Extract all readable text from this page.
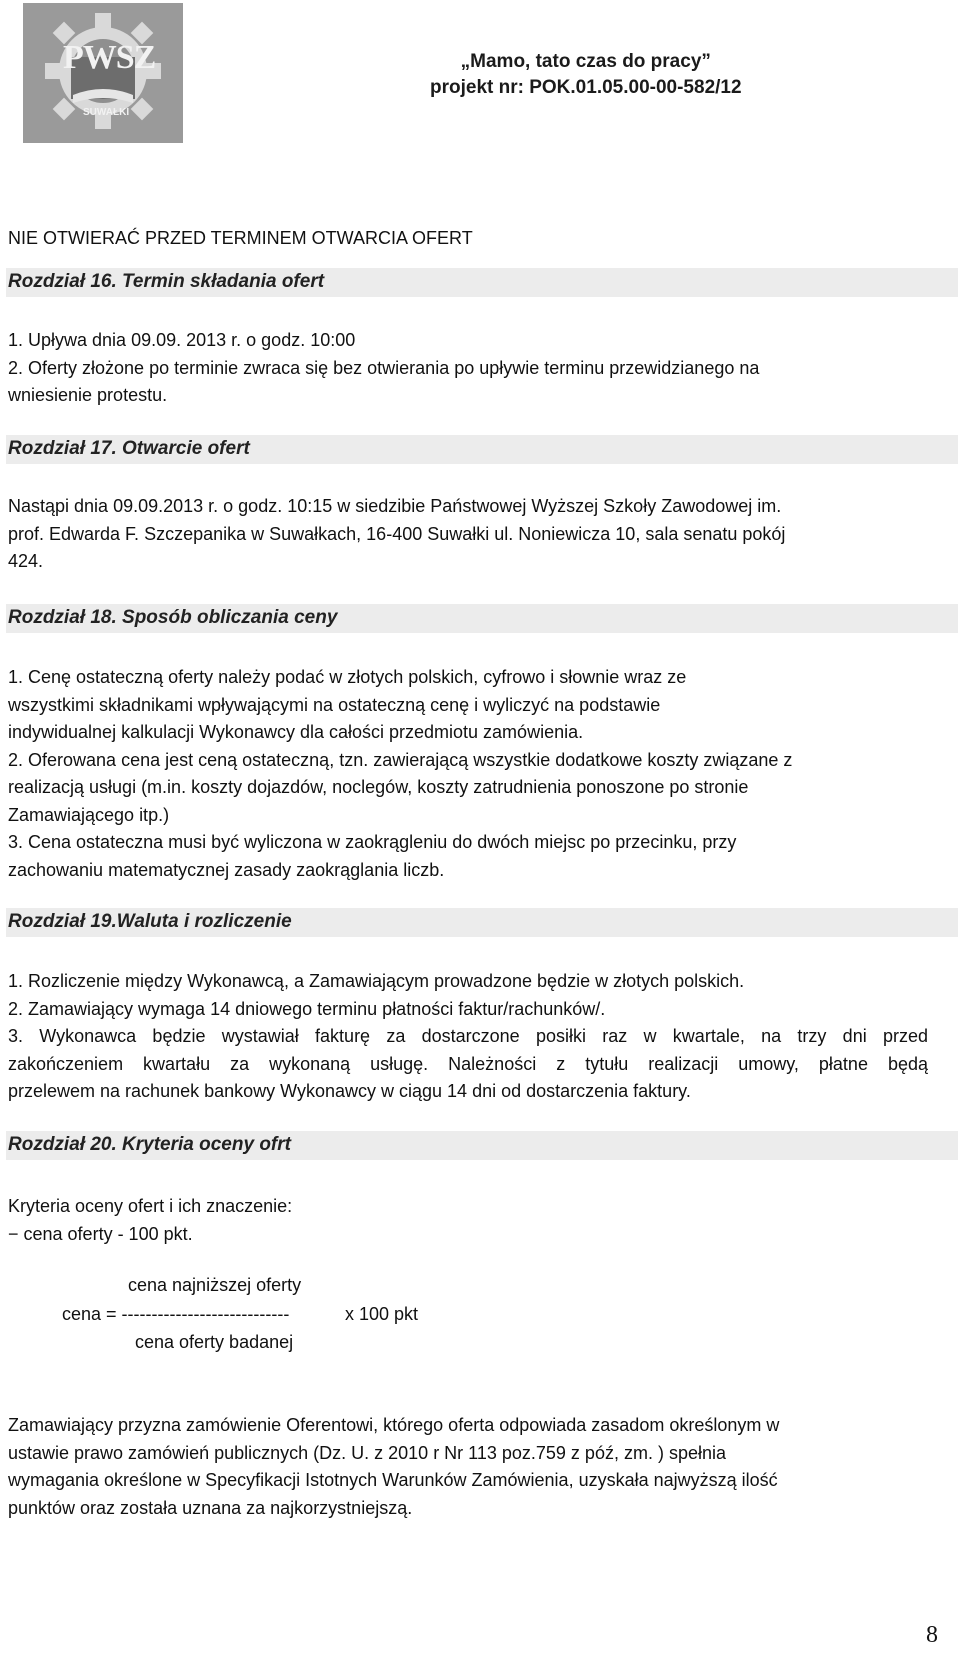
PWSZ
SUWAŁKI
„Mamo, tato czas do pracy”
projekt nr: POK.01.05.00-00-582/12
NIE OTWIERAĆ PRZED TERMINEM OTWARCIA OFERT
Rozdział 16. Termin składania ofert
1. Upływa dnia 09.09. 2013 r. o godz. 10:00
2. Oferty złożone po terminie zwraca się bez otwierania po upływie terminu przewidzianego na
wniesienie protestu.
Rozdział 17. Otwarcie ofert
Nastąpi dnia 09.09.2013 r. o godz. 10:15 w siedzibie Państwowej Wyższej Szkoły Zawodowej im.
prof. Edwarda F. Szczepanika w Suwałkach, 16-400 Suwałki ul. Noniewicza 10, sala senatu pokój
424.
Rozdział 18. Sposób obliczania ceny
1. Cenę ostateczną oferty należy podać w złotych polskich, cyfrowo i słownie wraz ze
wszystkimi składnikami wpływającymi na ostateczną cenę i wyliczyć na podstawie
indywidualnej kalkulacji Wykonawcy dla całości przedmiotu zamówienia.
2. Oferowana cena jest ceną ostateczną, tzn. zawierającą wszystkie dodatkowe koszty związane z
realizacją usługi (m.in. koszty dojazdów, noclegów, koszty zatrudnienia ponoszone po stronie
Zamawiającego itp.)
3. Cena ostateczna musi być wyliczona w zaokrągleniu do dwóch miejsc po przecinku, przy
zachowaniu matematycznej zasady zaokrąglania liczb.
Rozdział 19.Waluta i rozliczenie
1. Rozliczenie między Wykonawcą, a Zamawiającym prowadzone będzie w złotych polskich.
2. Zamawiający wymaga 14 dniowego terminu płatności faktur/rachunków/.
3. Wykonawca będzie wystawiał fakturę za dostarczone posiłki raz w kwartale, na trzy dni przed
zakończeniem kwartału za wykonaną usługę. Należności z tytułu realizacji umowy, płatne będą
przelewem na rachunek bankowy Wykonawcy w ciągu 14 dni od dostarczenia faktury.
Rozdział 20. Kryteria oceny ofrt
Kryteria oceny ofert i ich znaczenie:
− cena oferty - 100 pkt.
cena najniższej oferty
cena = ----------------------------	x 100 pkt
cena oferty badanej
Zamawiający przyzna zamówienie Oferentowi, którego oferta odpowiada zasadom określonym w
ustawie prawo zamówień publicznych (Dz. U. z 2010 r Nr 113 poz.759 z póź, zm. ) spełnia
wymagania określone w Specyfikacji Istotnych Warunków Zamówienia, uzyskała najwyższą ilość
punktów oraz została uznana za najkorzystniejszą.
8
